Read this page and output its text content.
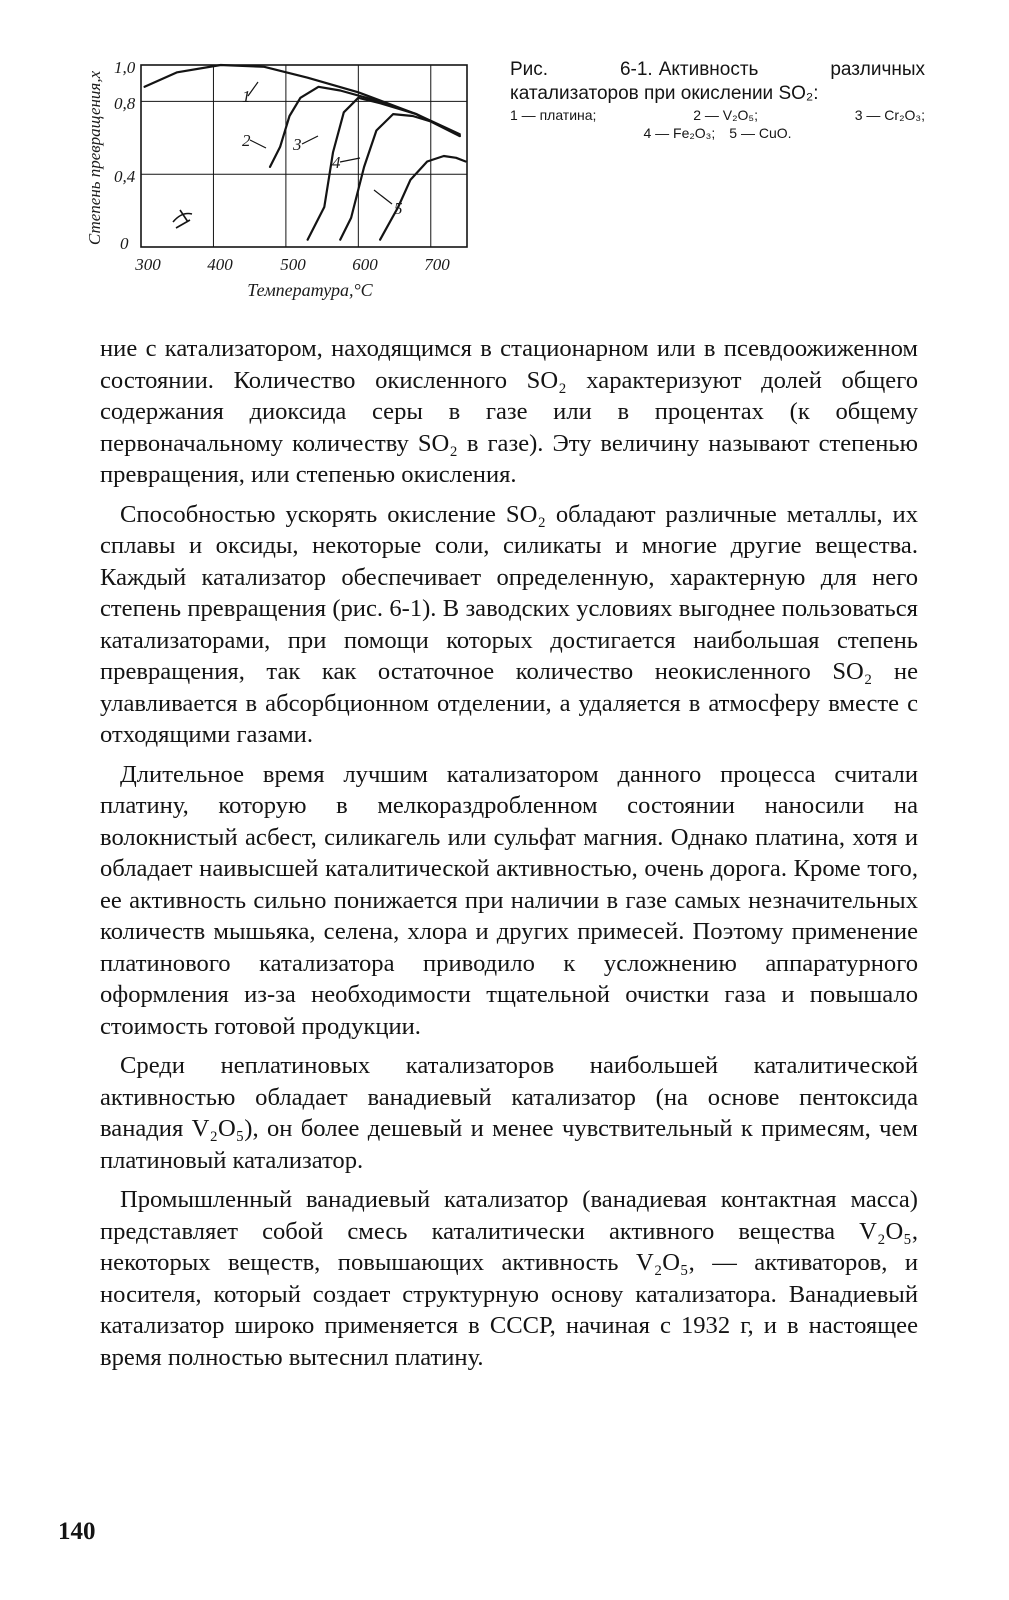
1
2	3
4
5
1,0
0,8
0,4
0
300	400	500	600	700
Температура,°C
Степень превращения,x

Рис. 6-1. Активность различных катализаторов при окислении SO₂:

1 — платина;	2 — V₂O₅;	3 — Cr₂O₃;
4 — Fe₂O₃; 5 — CuO.

ние с катализатором, находящимся в стационарном или в псевдоожиженном состоянии. Количество окисленного SO₂ характеризуют долей общего содержания диоксида серы в газе или в процентах (к общему первоначальному количеству SO₂ в газе). Эту величину называют степенью превращения, или степенью окисления.

Способностью ускорять окисление SO₂ обладают различные металлы, их сплавы и оксиды, некоторые соли, силикаты и многие другие вещества. Каждый катализатор обеспечивает определенную, характерную для него степень превращения (рис. 6-1). В заводских условиях выгоднее пользоваться катализаторами, при помощи которых достигается наибольшая степень превращения, так как остаточное количество неокисленного SO₂ не улавливается в абсорбционном отделении, а удаляется в атмосферу вместе с отходящими газами.

Длительное время лучшим катализатором данного процесса считали платину, которую в мелкораздробленном состоянии наносили на волокнистый асбест, силикагель или сульфат магния. Однако платина, хотя и обладает наивысшей каталитической активностью, очень дорога. Кроме того, ее активность сильно понижается при наличии в газе самых незначительных количеств мышьяка, селена, хлора и других примесей. Поэтому применение платинового катализатора приводило к усложнению аппаратурного оформления из-за необходимости тщательной очистки газа и повышало стоимость готовой продукции.

Среди неплатиновых катализаторов наибольшей каталитической активностью обладает ванадиевый катализатор (на основе пентоксида ванадия V₂O₅), он более дешевый и менее чувствительный к примесям, чем платиновый катализатор.

Промышленный ванадиевый катализатор (ванадиевая контактная масса) представляет собой смесь каталитически активного вещества V₂O₅, некоторых веществ, повышающих активность V₂O₅, — активаторов, и носителя, который создает структурную основу катализатора. Ванадиевый катализатор широко применяется в СССР, начиная с 1932 г, и в настоящее время полностью вытеснил платину.

140
